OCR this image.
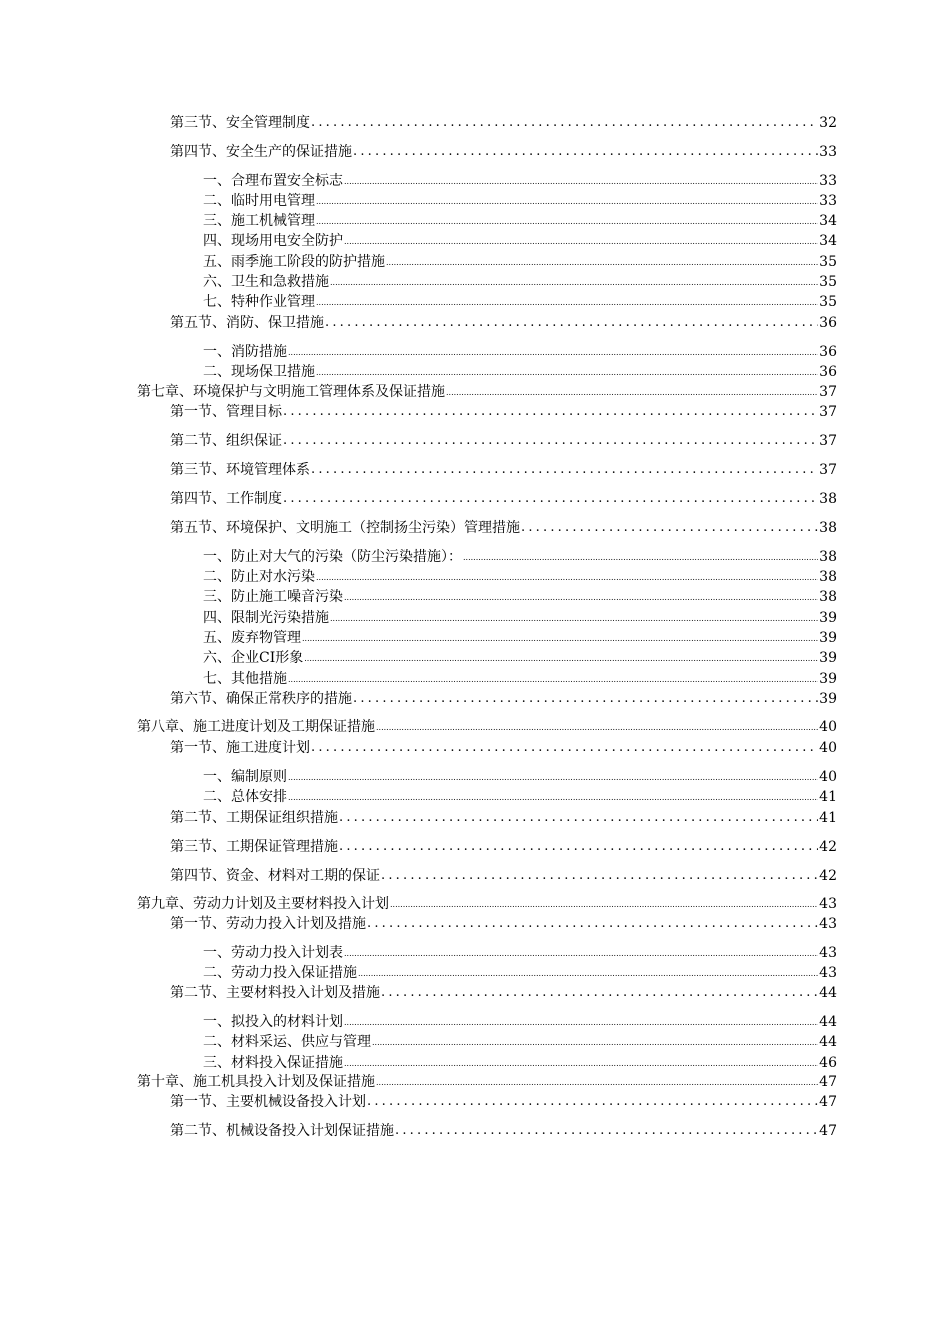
第三节、安全管理制度 .....	32
第四节、安全生产的保证措施 .....	33
一、合理布置安全标志 .....	33
二、临时用电管理 .....	33
三、施工机械管理 .....	34
四、现场用电安全防护 .....	34
五、雨季施工阶段的防护措施 .....	35
六、卫生和急救措施 .....	35
七、特种作业管理 .....	35
第五节、消防、保卫措施 .....	36
一、消防措施 .....	36
二、现场保卫措施 .....	36
第七章、环境保护与文明施工管理体系及保证措施 .....	37
第一节、管理目标 .....	37
第二节、组织保证 .....	37
第三节、环境管理体系 .....	37
第四节、工作制度 .....	38
第五节、环境保护、文明施工（控制扬尘污染）管理措施 .....	38
一、防止对大气的污染（防尘污染措施）： .....	38
二、防止对水污染 .....	38
三、防止施工噪音污染 .....	38
四、限制光污染措施 .....	39
五、废弃物管理 .....	39
六、企业CI形象 .....	39
七、其他措施 .....	39
第六节、确保正常秩序的措施 .....	39
第八章、施工进度计划及工期保证措施 .....	40
第一节、施工进度计划 .....	40
一、编制原则 .....	40
二、总体安排 .....	41
第二节、工期保证组织措施 .....	41
第三节、工期保证管理措施 .....	42
第四节、资金、材料对工期的保证 .....	42
第九章、劳动力计划及主要材料投入计划 .....	43
第一节、劳动力投入计划及措施 .....	43
一、劳动力投入计划表 .....	43
二、劳动力投入保证措施 .....	43
第二节、主要材料投入计划及措施 .....	44
一、拟投入的材料计划 .....	44
二、材料采运、供应与管理 .....	44
三、材料投入保证措施 .....	46
第十章、施工机具投入计划及保证措施 .....	47
第一节、主要机械设备投入计划 .....	47
第二节、机械设备投入计划保证措施 .....	47
